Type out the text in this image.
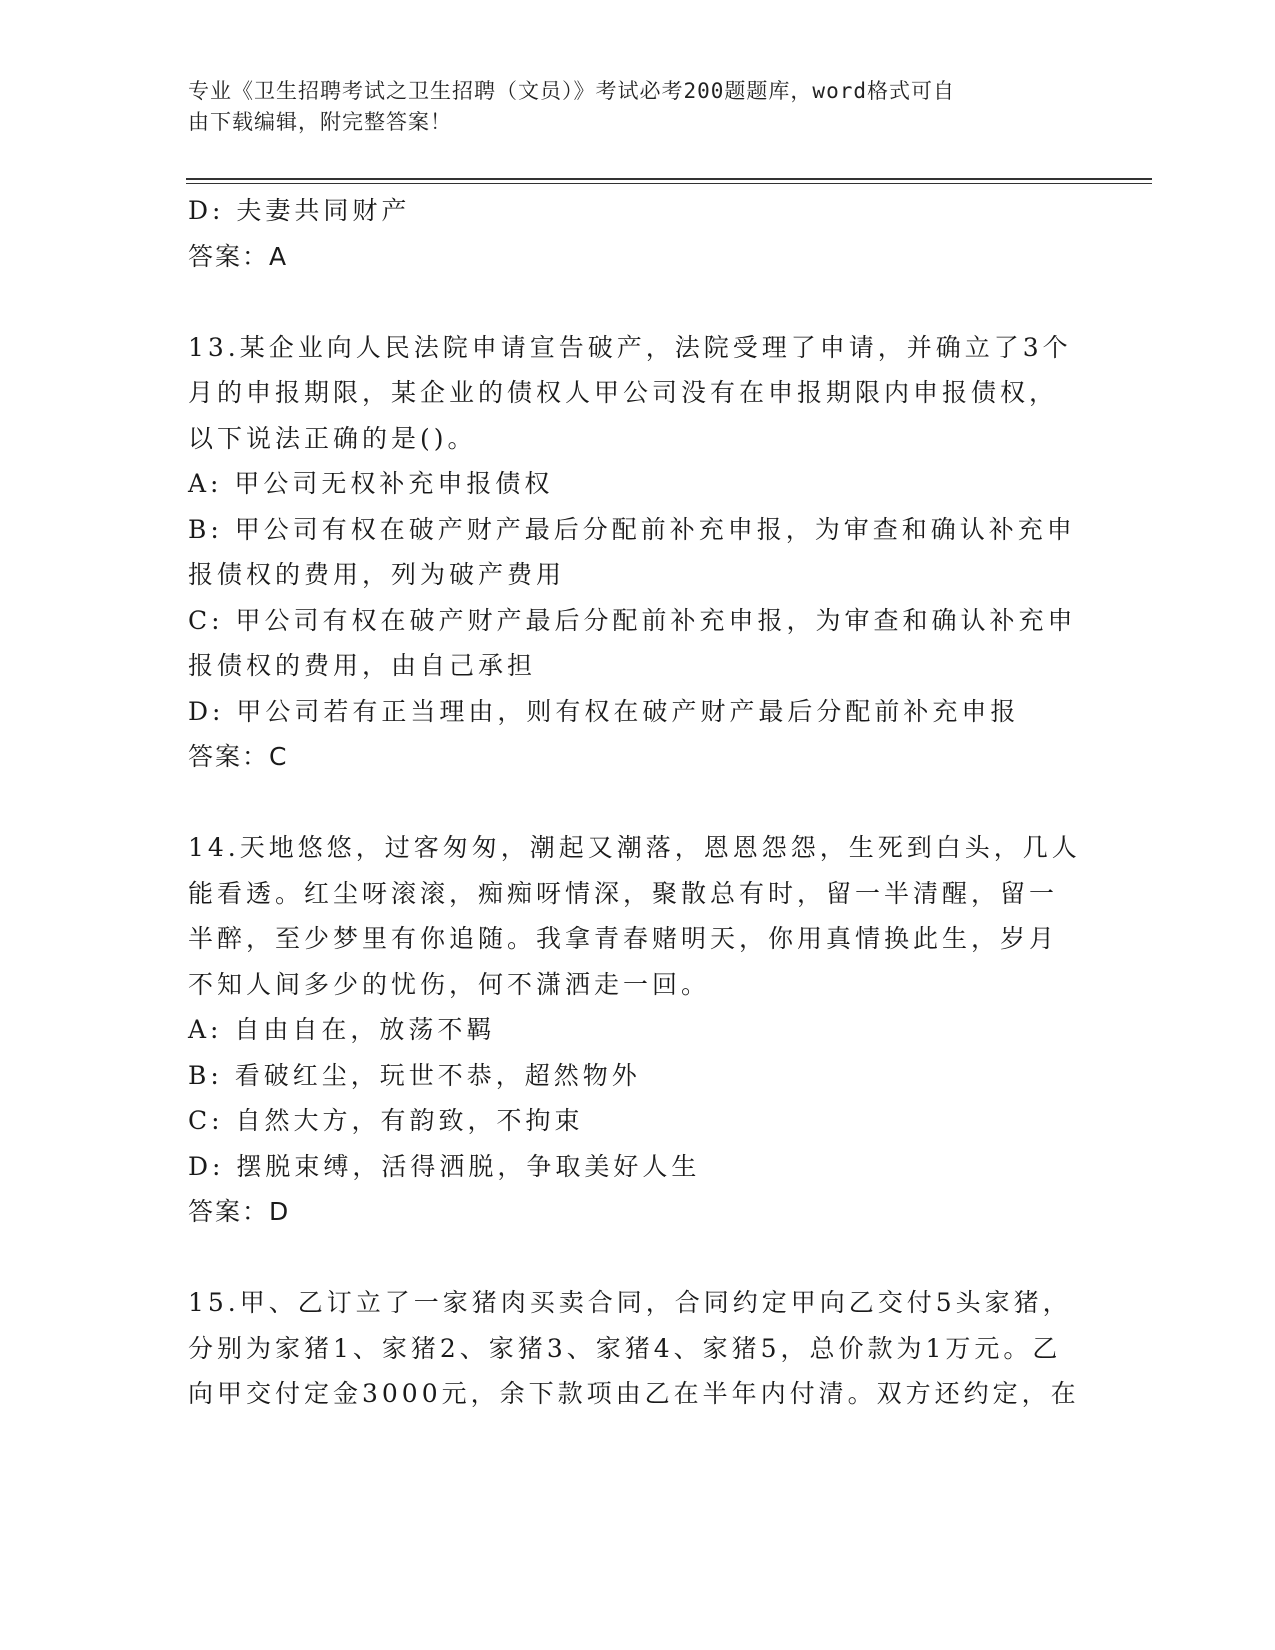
专业《卫生招聘考试之卫生招聘（文员）》考试必考200题题库，word格式可自
由下载编辑，附完整答案！
D: 夫妻共同财产
答案：A
13.某企业向人民法院申请宣告破产，法院受理了申请，并确立了3个
月的申报期限，某企业的债权人甲公司没有在申报期限内申报债权，
以下说法正确的是()。
A: 甲公司无权补充申报债权
B: 甲公司有权在破产财产最后分配前补充申报，为审查和确认补充申
报债权的费用，列为破产费用
C: 甲公司有权在破产财产最后分配前补充申报，为审查和确认补充申
报债权的费用，由自己承担
D: 甲公司若有正当理由，则有权在破产财产最后分配前补充申报
答案：C
14.天地悠悠，过客匆匆，潮起又潮落，恩恩怨怨，生死到白头，几人
能看透。红尘呀滚滚，痴痴呀情深，聚散总有时，留一半清醒，留一
半醉，至少梦里有你追随。我拿青春赌明天，你用真情换此生，岁月
不知人间多少的忧伤，何不潇洒走一回。
A: 自由自在，放荡不羁
B: 看破红尘，玩世不恭，超然物外
C: 自然大方，有韵致，不拘束
D: 摆脱束缚，活得洒脱，争取美好人生
答案：D
15.甲、乙订立了一家猪肉买卖合同，合同约定甲向乙交付5头家猪，
分别为家猪1、家猪2、家猪3、家猪4、家猪5，总价款为1万元。乙
向甲交付定金3000元，余下款项由乙在半年内付清。双方还约定，在
